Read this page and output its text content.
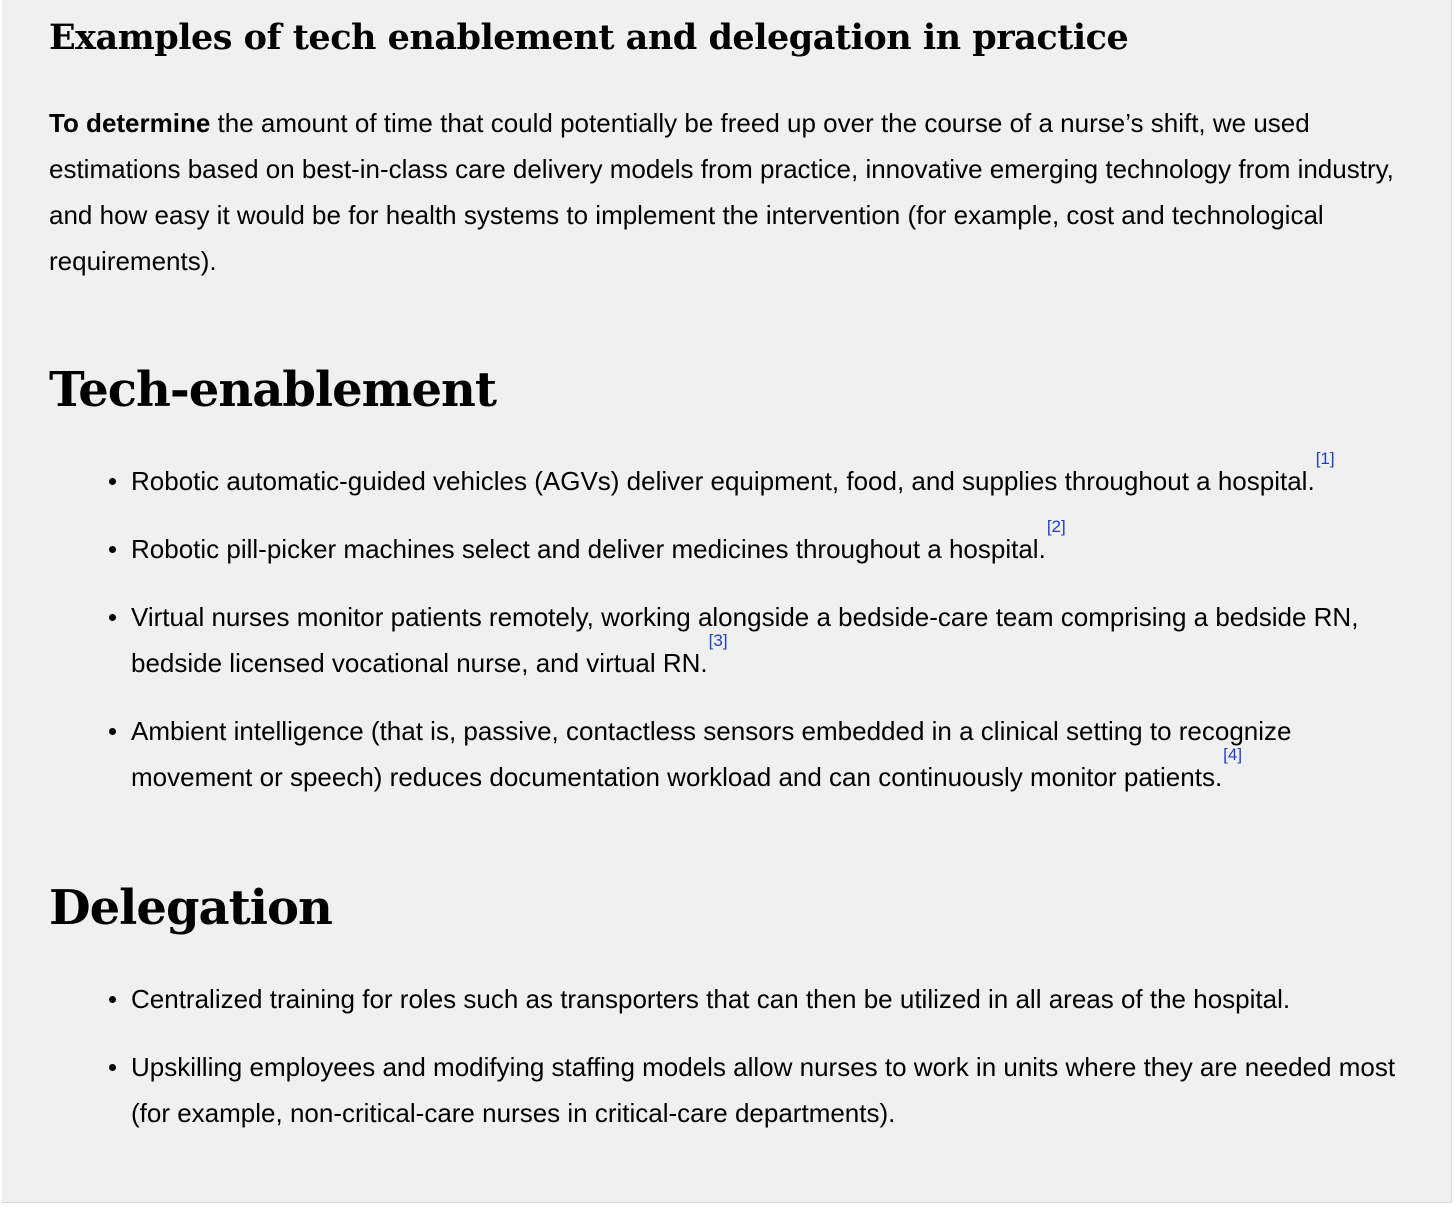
Examples of tech enablement and delegation in practice

To determine the amount of time that could potentially be freed up over the course of a nurse’s shift, we used estimations based on best-in-class care delivery models from practice, innovative emerging technology from industry, and how easy it would be for health systems to implement the intervention (for example, cost and technological requirements).

Tech-enablement
Robotic automatic-guided vehicles (AGVs) deliver equipment, food, and supplies throughout a hospital.[1]
Robotic pill-picker machines select and deliver medicines throughout a hospital.[2]
Virtual nurses monitor patients remotely, working alongside a bedside-care team comprising a bedside RN, bedside licensed vocational nurse, and virtual RN.[3]
Ambient intelligence (that is, passive, contactless sensors embedded in a clinical setting to recognize movement or speech) reduces documentation workload and can continuously monitor patients.[4]
Delegation
Centralized training for roles such as transporters that can then be utilized in all areas of the hospital.
Upskilling employees and modifying staffing models allow nurses to work in units where they are needed most (for example, non-critical-care nurses in critical-care departments).
